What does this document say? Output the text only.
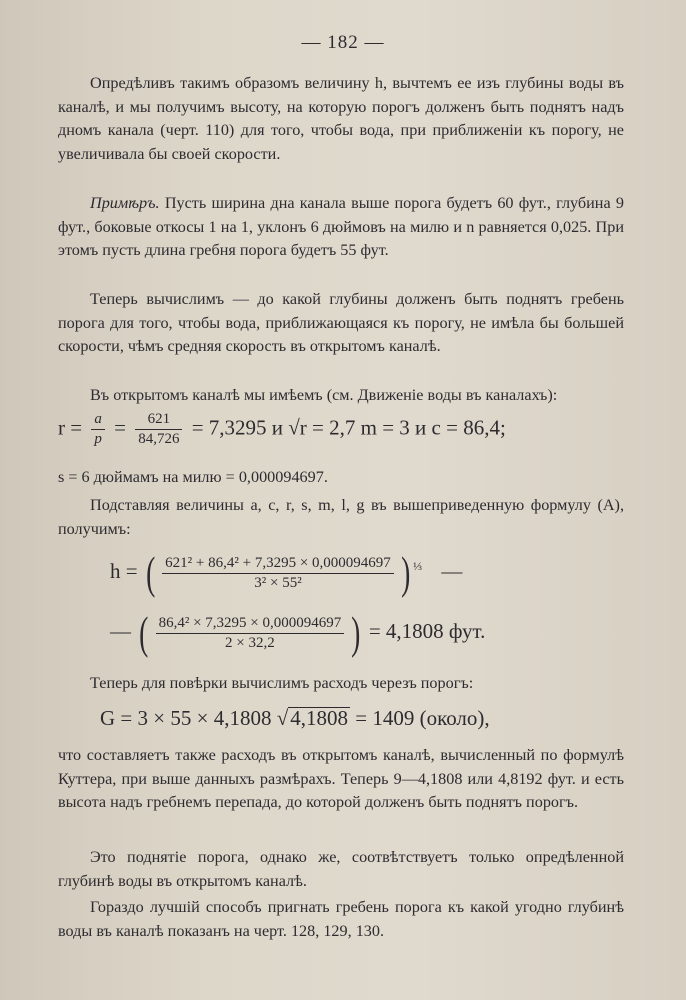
— 182 —
Опредѣливъ такимъ образомъ величину h, вычтемъ ее изъ глубины воды въ каналѣ, и мы получимъ высоту, на которую порогъ долженъ быть поднятъ надъ дномъ канала (черт. 110) для того, чтобы вода, при приближенiи къ порогу, не увеличивала бы своей скорости.
Примѣръ. Пусть ширина дна канала выше порога будетъ 60 фут., глубина 9 фут., боковые откосы 1 на 1, уклонъ 6 дюймовъ на милю и n равняется 0,025. При этомъ пусть длина гребня порога будетъ 55 фут.
Теперь вычислимъ — до какой глубины долженъ быть поднятъ гребень порога для того, чтобы вода, приближающаяся къ порогу, не имѣла бы большей скорости, чѣмъ средняя скорость въ открытомъ каналѣ.
Въ открытомъ каналѣ мы имѣемъ (см. Движенiе воды въ каналахъ):
$r = \frac{a}{p} = \frac{621}{84,726} = 7,3295$ и √r = 2,7 m = 3 и c = 86,4;
s = 6 дюймамъ на милю = 0,000094697.
Подставляя величины a, c, r, s, m, l, g въ вышеприведенную формулу (A), получимъ:
h = ( $\frac{\text{621² + 86,4² + 7,3295 × 0,000094697}}{\text{3² × 55²}}$ ) $^{\frac{1}{3}}$ —
— ( $\frac{\text{86,4² × 7,3295 × 0,000094697}}{2 \times 32,2}$ ) = 4,1808 фут.
Теперь для повѣрки вычислимъ расходъ черезъ порогъ:
G = 3 × 55 × 4,1808 √4,1808 = 1409 (около),
что составляетъ также расходъ въ открытомъ каналѣ, вычисленный по формулѣ Куттера, при выше данныхъ размѣрахъ. Теперь 9—4,1808 или 4,8192 фут. и есть высота надъ гребнемъ перепада, до которой долженъ быть поднятъ порогъ.
Это поднятiе порога, однако же, соотвѣтствуетъ только опредѣленной глубинѣ воды въ открытомъ каналѣ.
Гораздо лучшiй способъ пригнать гребень порога къ какой угодно глубинѣ воды въ каналѣ показанъ на черт. 128, 129, 130.
